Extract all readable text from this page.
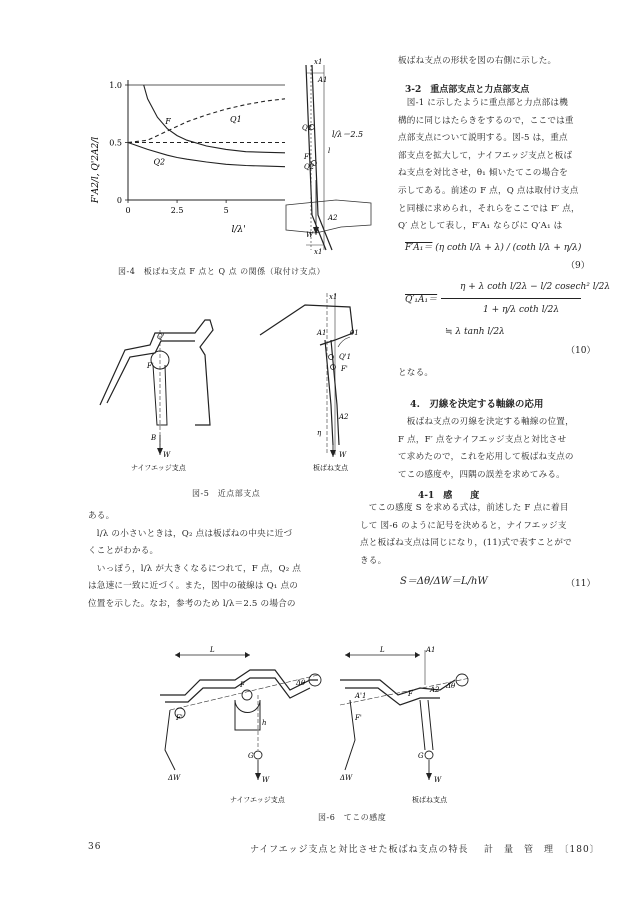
F'A2/l, Q'2A2/l
1.0
0.5
0
0	2.5	5
l/λ'
F	Q1
Q2
x1
A1
Q1
l/λ＝2.5
l
F'
Q2
A2
W
x1
図-4　板ばね支点 F 点と Q 点 の関係（取付け支点）
Q'
F'
B
W
ナイフエッジ支点
x1
A1	θ1
Q'1
F'
A2
η
W
板ばね支点
図-5　近点部支点
ある。
　l/λ の小さいときは，Q₂ 点は板ばねの中央に近づ
くことがわかる。
　いっぽう，l/λ が大きくなるにつれて，F 点，Q₂ 点
は急速に一致に近づく。また，図中の破線は Q₁ 点の
位置を示した。なお，参考のため l/λ＝2.5 の場合の
板ばね支点の形状を図の右側に示した。
3-2　重点部支点と力点部支点
　図-1 に示したように重点部と力点部は機
構的に同じはたらきをするので，ここでは重
点部支点について説明する。図-5 は，重点
部支点を拡大して，ナイフエッジ支点と板ば
ね支点を対比させ，θ₁ 傾いたてこの場合を
示してある。前述の F 点，Q 点は取付け支点
と同様に求められ，それらをここでは F′ 点，
Q′ 点として表し，F′A₁ ならびに Q′A₁ は
F′A₁＝ (η coth l/λ + λ) / (coth l/λ + η/λ)
（9）
η + λ coth l/2λ − l/2 cosech² l/2λ
Q′₁A₁＝
1 + η/λ coth l/2λ
≒ λ tanh l/2λ
（10）
となる。
4.　刃線を決定する軸線の応用
　板ばね支点の刃線を決定する軸線の位置，
F 点，F′ 点をナイフエッジ支点と対比させ
て求めたので，これを応用して板ばね支点の
てこの感度や，四隅の誤差を求めてみる。
4-1　感　　度
　てこの感度 S を求める式は，前述した F 点に着目
して 図-6 のように記号を決めると，ナイフエッジ支
点と板ばね支点は同じになり，(11)式で表すことがで
きる。
S＝Δθ/ΔW＝L/hW	（11）
L
F	Δθ
F'
h
G
ΔW	W
ナイフエッジ支点
L	A1
A'1	F A2 Δθ
F'
G
ΔW	W
板ばね支点
図-6　てこの感度
36	ナイフエッジ支点と対比させた板ばね支点の特長 計　量　管　理　〔180〕
